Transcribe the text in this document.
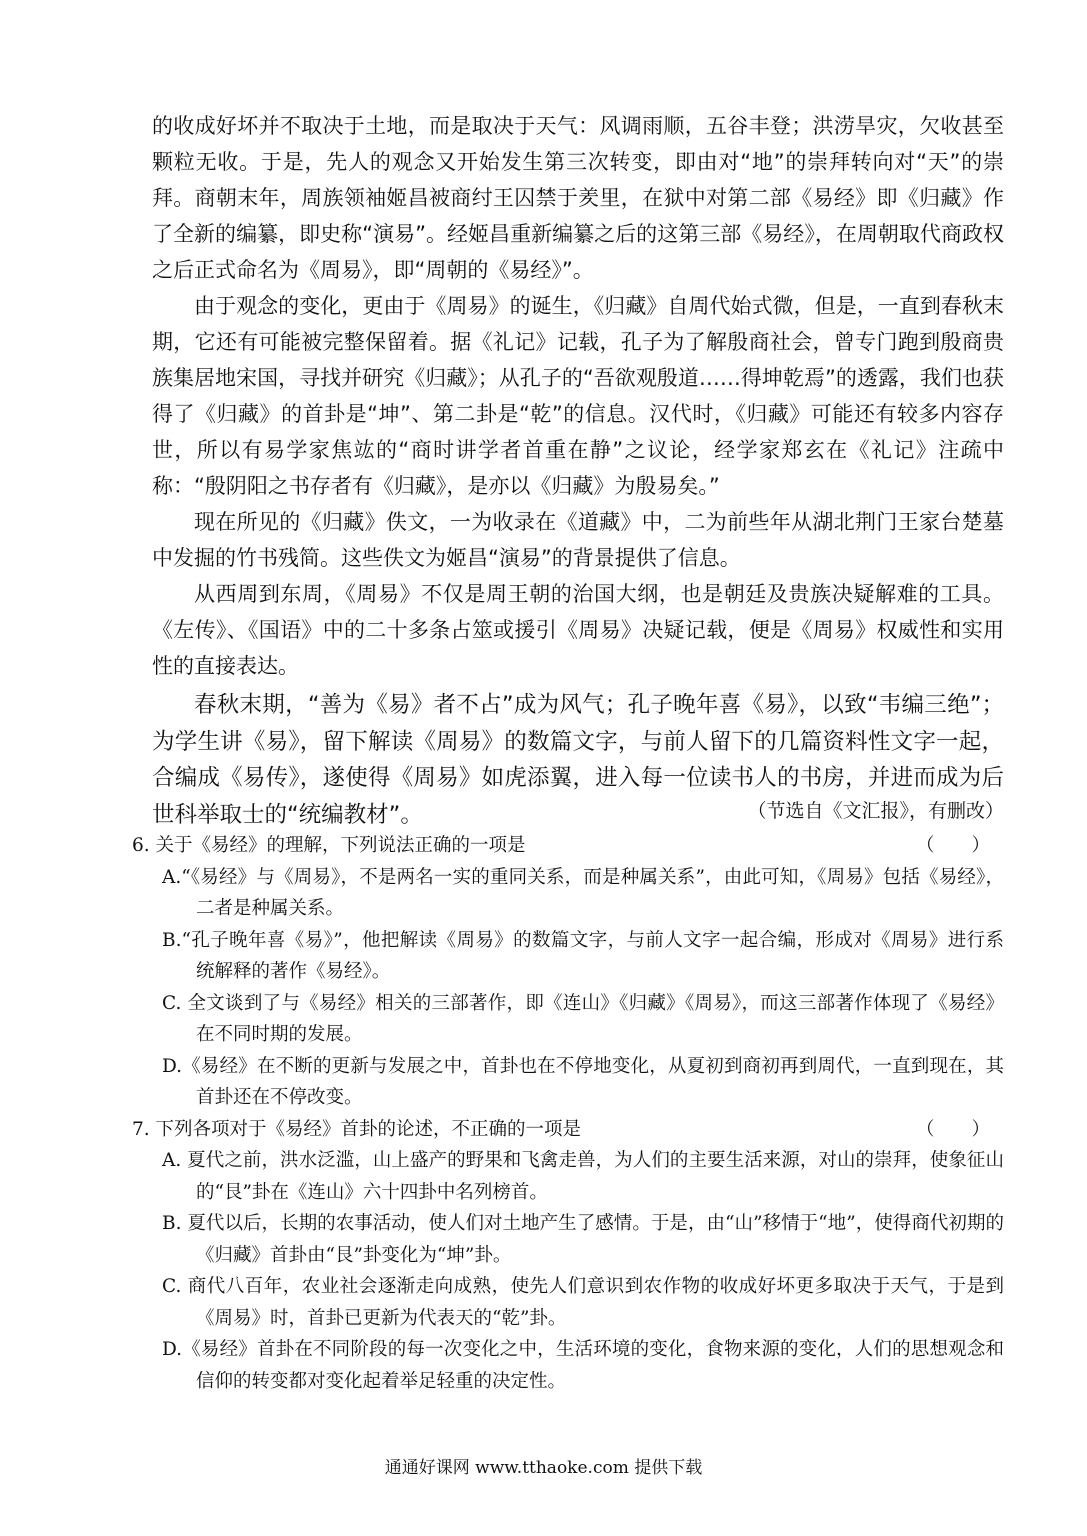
的收成好坏并不取决于土地，而是取决于天气：风调雨顺，五谷丰登；洪涝旱灾，欠收甚至颗粒无收。于是，先人的观念又开始发生第三次转变，即由对“地”的崇拜转向对“天”的崇拜。商朝末年，周族领袖姬昌被商纣王囚禁于羑里，在狱中对第二部《易经》即《归藏》作了全新的编纂，即史称“演易”。经姬昌重新编纂之后的这第三部《易经》，在周朝取代商政权之后正式命名为《周易》，即“周朝的《易经》”。

由于观念的变化，更由于《周易》的诞生，《归藏》自周代始式微，但是，一直到春秋末期，它还有可能被完整保留着。据《礼记》记载，孔子为了解殷商社会，曾专门跑到殷商贵族集居地宋国，寻找并研究《归藏》；从孔子的“吾欲观殷道……得坤乾焉”的透露，我们也获得了《归藏》的首卦是“坤”、第二卦是“乾”的信息。汉代时，《归藏》可能还有较多内容存世，所以有易学家焦竑的“商时讲学者首重在静”之议论，经学家郑玄在《礼记》注疏中称：“殷阴阳之书存者有《归藏》，是亦以《归藏》为殷易矣。”

现在所见的《归藏》佚文，一为收录在《道藏》中，二为前些年从湖北荆门王家台楚墓中发掘的竹书残简。这些佚文为姬昌“演易”的背景提供了信息。

从西周到东周，《周易》不仅是周王朝的治国大纲，也是朝廷及贵族决疑解难的工具。《左传》、《国语》中的二十多条占筮或援引《周易》决疑记载，便是《周易》权威性和实用性的直接表达。

春秋末期，“善为《易》者不占”成为风气；孔子晚年喜《易》，以致“韦编三绝”；为学生讲《易》，留下解读《周易》的数篇文字，与前人留下的几篇资料性文字一起，合编成《易传》，遂使得《周易》如虎添翼，进入每一位读书人的书房，并进而成为后世科举取士的“统编教材”。	（节选自《文汇报》，有删改）
6. 关于《易经》的理解，下列说法正确的一项是	（　　）
A.“《易经》与《周易》，不是两名一实的重同关系，而是种属关系”，由此可知，《周易》包括《易经》，二者是种属关系。
B.“孔子晚年喜《易》”，他把解读《周易》的数篇文字，与前人文字一起合编，形成对《周易》进行系统解释的著作《易经》。
C. 全文谈到了与《易经》相关的三部著作，即《连山》《归藏》《周易》，而这三部著作体现了《易经》在不同时期的发展。
D.《易经》在不断的更新与发展之中，首卦也在不停地变化，从夏初到商初再到周代，一直到现在，其首卦还在不停改变。
7. 下列各项对于《易经》首卦的论述，不正确的一项是	（　　）
A. 夏代之前，洪水泛滥，山上盛产的野果和飞禽走兽，为人们的主要生活来源，对山的崇拜，使象征山的“艮”卦在《连山》六十四卦中名列榜首。
B. 夏代以后，长期的农事活动，使人们对土地产生了感情。于是，由“山”移情于“地”，使得商代初期的《归藏》首卦由“艮”卦变化为“坤”卦。
C. 商代八百年，农业社会逐渐走向成熟，使先人们意识到农作物的收成好坏更多取决于天气，于是到《周易》时，首卦已更新为代表天的“乾”卦。
D.《易经》首卦在不同阶段的每一次变化之中，生活环境的变化，食物来源的变化，人们的思想观念和信仰的转变都对变化起着举足轻重的决定性。
通通好课网 www.tthaoke.com 提供下载
